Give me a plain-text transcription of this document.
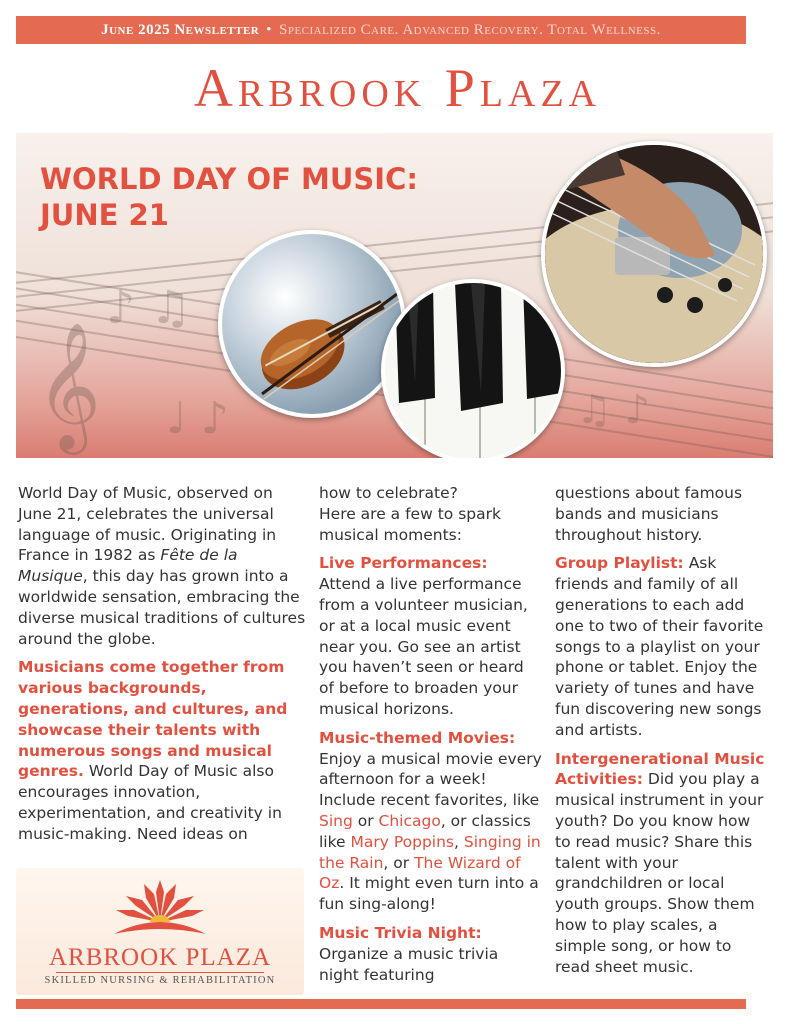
June 2025 Newsletter • Specialized Care. Advanced Recovery. Total Wellness.
Arbrook Plaza
𝄞
♪ ♫
♩ ♪	♫ ♪
WORLD DAY OF MUSIC:
JUNE 21

World Day of Music, observed on June 21, celebrates the universal language of music. Originating in France in 1982 as Fête de la Musique, this day has grown into a worldwide sensation, embracing the diverse musical traditions of cultures around the globe.

Musicians come together from various backgrounds, generations, and cultures, and showcase their talents with numerous songs and musical genres. World Day of Music also encourages innovation, experimentation, and creativity in music-making. Need ideas on

how to celebrate?
Here are a few to spark musical moments:

Live Performances: Attend a live performance from a volunteer musician, or at a local music event near you. Go see an artist you haven’t seen or heard of before to broaden your musical horizons.

Music-themed Movies: Enjoy a musical movie every afternoon for a week! Include recent favorites, like Sing or Chicago, or classics like Mary Poppins, Singing in the Rain, or The Wizard of Oz. It might even turn into a fun sing-along!

Music Trivia Night: Organize a music trivia night featuring

questions about famous bands and musicians throughout history.

Group Playlist: Ask friends and family of all generations to each add one to two of their favorite songs to a playlist on your phone or tablet. Enjoy the variety of tunes and have fun discovering new songs and artists.

Intergenerational Music Activities: Did you play a musical instrument in your youth? Do you know how to read music? Share this talent with your grandchildren or local youth groups. Show them how to play scales, a simple song, or how to read sheet music.

ARBROOK PLAZA
SKILLED NURSING & REHABILITATION
